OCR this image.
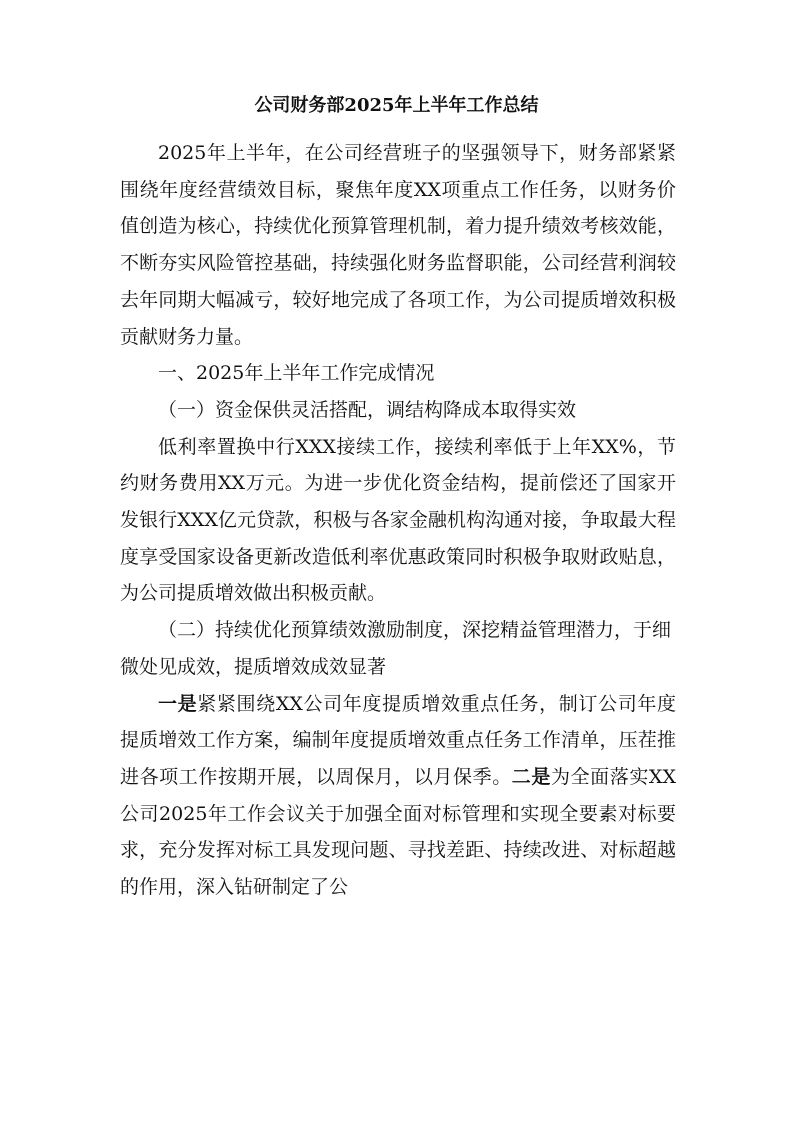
公司财务部2025年上半年工作总结

2025年上半年，在公司经营班子的坚强领导下，财务部紧紧围绕年度经营绩效目标，聚焦年度XX项重点工作任务，以财务价值创造为核心，持续优化预算管理机制，着力提升绩效考核效能，不断夯实风险管控基础，持续强化财务监督职能，公司经营利润较去年同期大幅减亏，较好地完成了各项工作，为公司提质增效积极贡献财务力量。

一、2025年上半年工作完成情况

（一）资金保供灵活搭配，调结构降成本取得实效

低利率置换中行XXX接续工作，接续利率低于上年XX%，节约财务费用XX万元。为进一步优化资金结构，提前偿还了国家开发银行XXX亿元贷款，积极与各家金融机构沟通对接，争取最大程度享受国家设备更新改造低利率优惠政策同时积极争取财政贴息，为公司提质增效做出积极贡献。

（二）持续优化预算绩效激励制度，深挖精益管理潜力，于细微处见成效，提质增效成效显著

一是紧紧围绕XX公司年度提质增效重点任务，制订公司年度提质增效工作方案，编制年度提质增效重点任务工作清单，压茬推进各项工作按期开展，以周保月，以月保季。二是为全面落实XX公司2025年工作会议关于加强全面对标管理和实现全要素对标要求，充分发挥对标工具发现问题、寻找差距、持续改进、对标超越的作用，深入钻研制定了公
